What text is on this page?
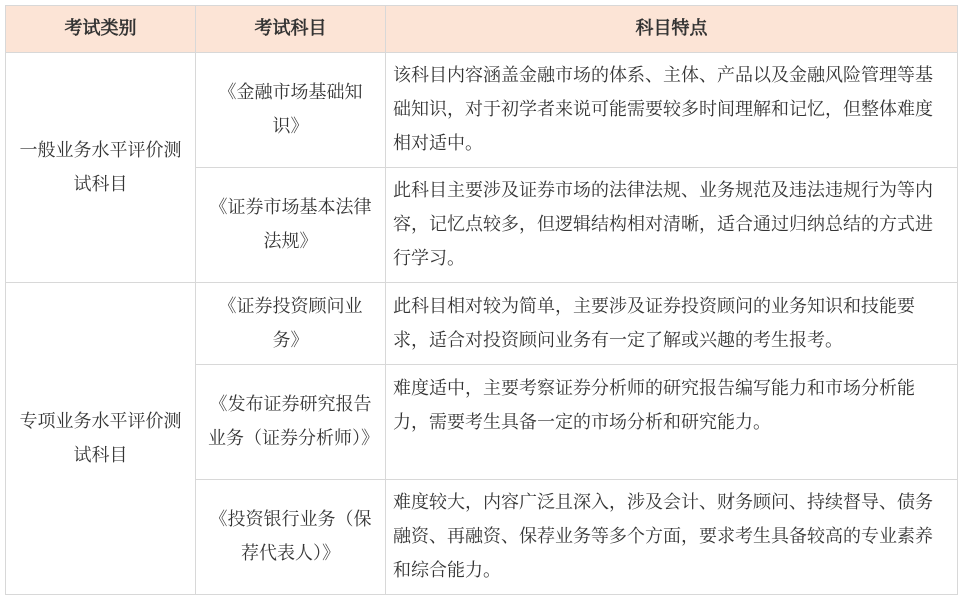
考试类别	考试科目	科目特点
一般业务水平评价测试科目	《金融市场基础知识》	该科目内容涵盖金融市场的体系、主体、产品以及金融风险管理等基础知识，对于初学者来说可能需要较多时间理解和记忆，但整体难度相对适中。
	《证券市场基本法律法规》	此科目主要涉及证券市场的法律法规、业务规范及违法违规行为等内容，记忆点较多，但逻辑结构相对清晰，适合通过归纳总结的方式进行学习。
专项业务水平评价测试科目	《证券投资顾问业务》	此科目相对较为简单，主要涉及证券投资顾问的业务知识和技能要求，适合对投资顾问业务有一定了解或兴趣的考生报考。
	《发布证券研究报告业务（证券分析师）》	难度适中，主要考察证券分析师的研究报告编写能力和市场分析能力，需要考生具备一定的市场分析和研究能力。
	《投资银行业务（保荐代表人）》	难度较大，内容广泛且深入，涉及会计、财务顾问、持续督导、债务融资、再融资、保荐业务等多个方面，要求考生具备较高的专业素养和综合能力。
